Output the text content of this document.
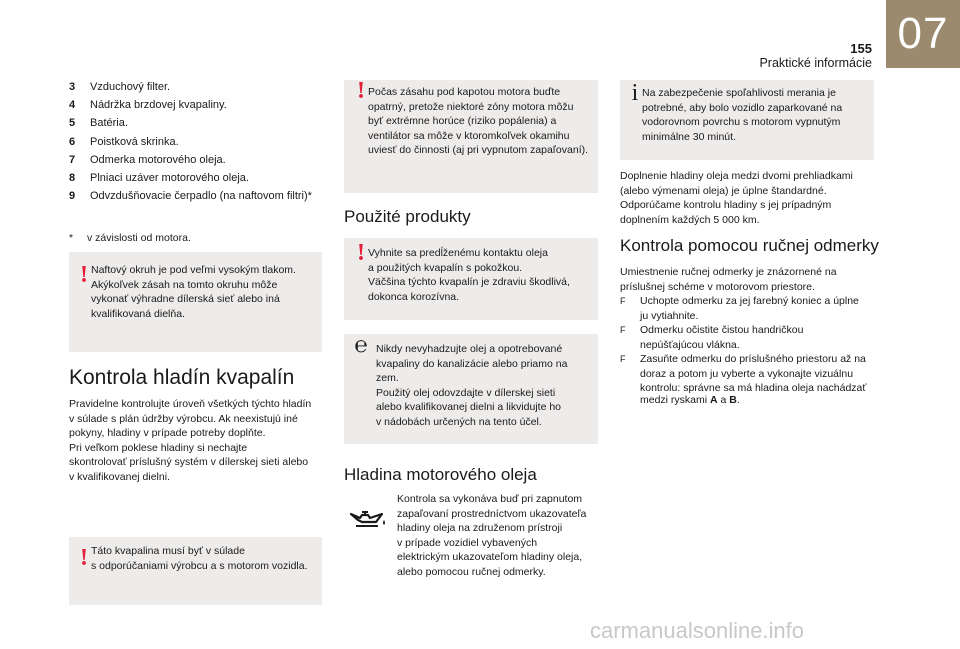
155
Praktické informácie
07
3	Vzduchový filter.
4	Nádržka brzdovej kvapaliny.
5	Batéria.
6	Poistková skrinka.
7	Odmerka motorového oleja.
8	Plniaci uzáver motorového oleja.
9	Odvzdušňovacie čerpadlo (na naftovom filtri)*
* v závislosti od motora.
! Naftový okruh je pod veľmi vysokým tlakom.
Akýkoľvek zásah na tomto okruhu môže
vykonať výhradne dílerská sieť alebo iná
kvalifikovaná dielňa.
Kontrola hladín kvapalín
Pravidelne kontrolujte úroveň všetkých týchto hladín
v súlade s plán údržby výrobcu. Ak neexistujú iné
pokyny, hladiny v prípade potreby doplňte.
Pri veľkom poklese hladiny si nechajte
skontrolovať príslušný systém v dílerskej sieti alebo
v kvalifikovanej dielni.
! Táto kvapalina musí byť v súlade
s odporúčaniami výrobcu a s motorom vozidla.
! Počas zásahu pod kapotou motora buďte
opatrný, pretože niektoré zóny motora môžu
byť extrémne horúce (riziko popálenia) a
ventilátor sa môže v ktoromkoľvek okamihu
uviesť do činnosti (aj pri vypnutom zapaľovaní).
Použité produkty
! Vyhnite sa predĺženému kontaktu oleja
a použitých kvapalín s pokožkou.
Väčšina týchto kvapalín je zdraviu škodlivá,
dokonca korozívna.
℮ Nikdy nevyhadzujte olej a opotrebované
kvapaliny do kanalizácie alebo priamo na
zem.
Použitý olej odovzdajte v dílerskej sieti
alebo kvalifikovanej dielni a likvidujte ho
v nádobách určených na tento účel.
Hladina motorového oleja
Kontrola sa vykonáva buď pri zapnutom
zapaľovaní prostredníctvom ukazovateľa
hladiny oleja na združenom prístroji
v prípade vozidiel vybavených
elektrickým ukazovateľom hladiny oleja,
alebo pomocou ručnej odmerky.
i Na zabezpečenie spoľahlivosti merania je
potrebné, aby bolo vozidlo zaparkované na
vodorovnom povrchu s motorom vypnutým
minimálne 30 minút.
Doplnenie hladiny oleja medzi dvomi prehliadkami
(alebo výmenami oleja) je úplne štandardné.
Odporúčame kontrolu hladiny s jej prípadným
doplnením každých 5 000 km.
Kontrola pomocou ručnej odmerky
Umiestnenie ručnej odmerky je znázornené na
príslušnej schéme v motorovom priestore.
F	Uchopte odmerku za jej farebný koniec a úplne
ju vytiahnite.
F	Odmerku očistite čistou handričkou
nepúšťajúcou vlákna.
F	Zasuňte odmerku do príslušného priestoru až na
doraz a potom ju vyberte a vykonajte vizuálnu
kontrolu: správne sa má hladina oleja nachádzať
medzi ryskami A a B.
carmanualsonline.info
